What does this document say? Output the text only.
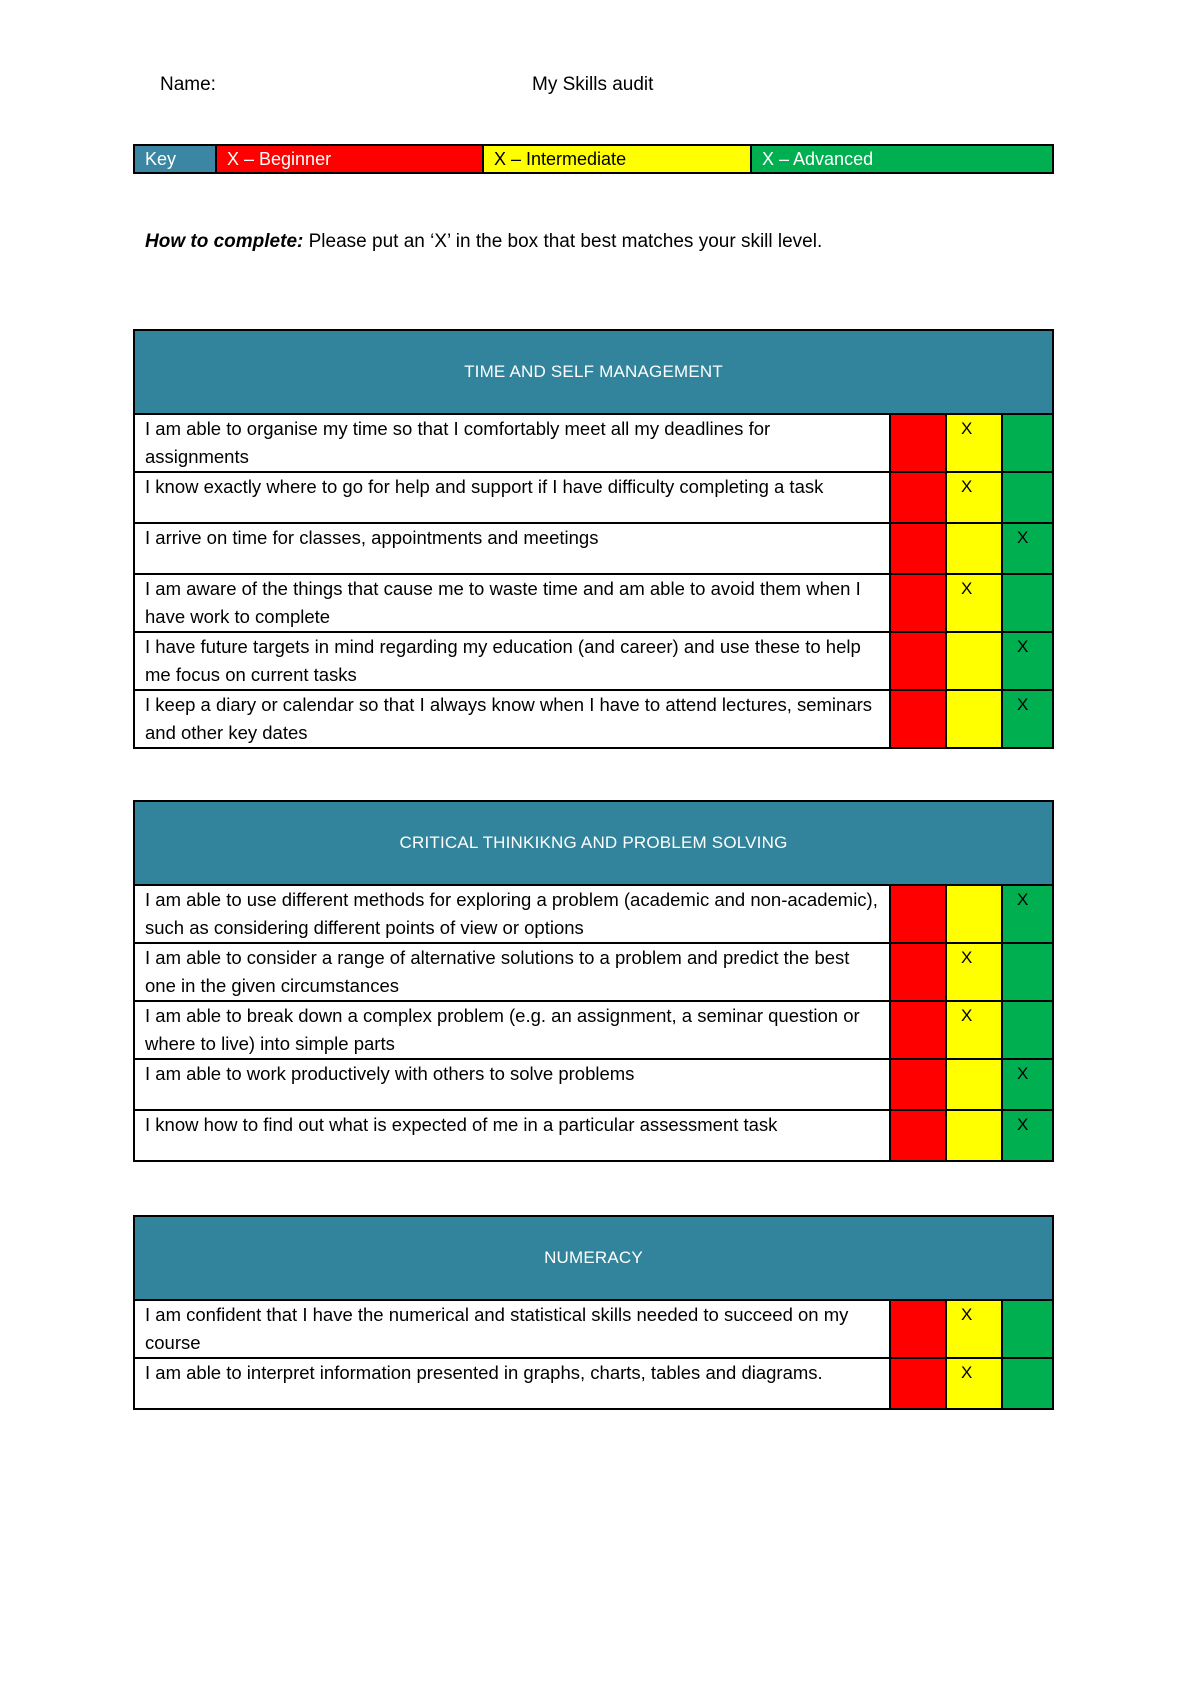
Name:	My Skills audit
Key	X – Beginner	X – Intermediate	X – Advanced
How to complete: Please put an ‘X’ in the box that best matches your skill level.
TIME AND SELF MANAGEMENT			
I am able to organise my time so that I comfortably meet all my deadlines for assignments		X	
I know exactly where to go for help and support if I have difficulty completing a task		X	
I arrive on time for classes, appointments and meetings			X
I am aware of the things that cause me to waste time and am able to avoid them when I have work to complete		X	
I have future targets in mind regarding my education (and career) and use these to help me focus on current tasks			X
I keep a diary or calendar so that I always know when I have to attend lectures, seminars and other key dates			X
CRITICAL THINKIKNG AND PROBLEM SOLVING			
I am able to use different methods for exploring a problem (academic and non-academic), such as considering different points of view or options			X
I am able to consider a range of alternative solutions to a problem and predict the best one in the given circumstances		X	
I am able to break down a complex problem (e.g. an assignment, a seminar question or where to live) into simple parts		X	
I am able to work productively with others to solve problems			X
I know how to find out what is expected of me in a particular assessment task			X
NUMERACY			
I am confident that I have the numerical and statistical skills needed to succeed on my course		X	
I am able to interpret information presented in graphs, charts, tables and diagrams.		X	
